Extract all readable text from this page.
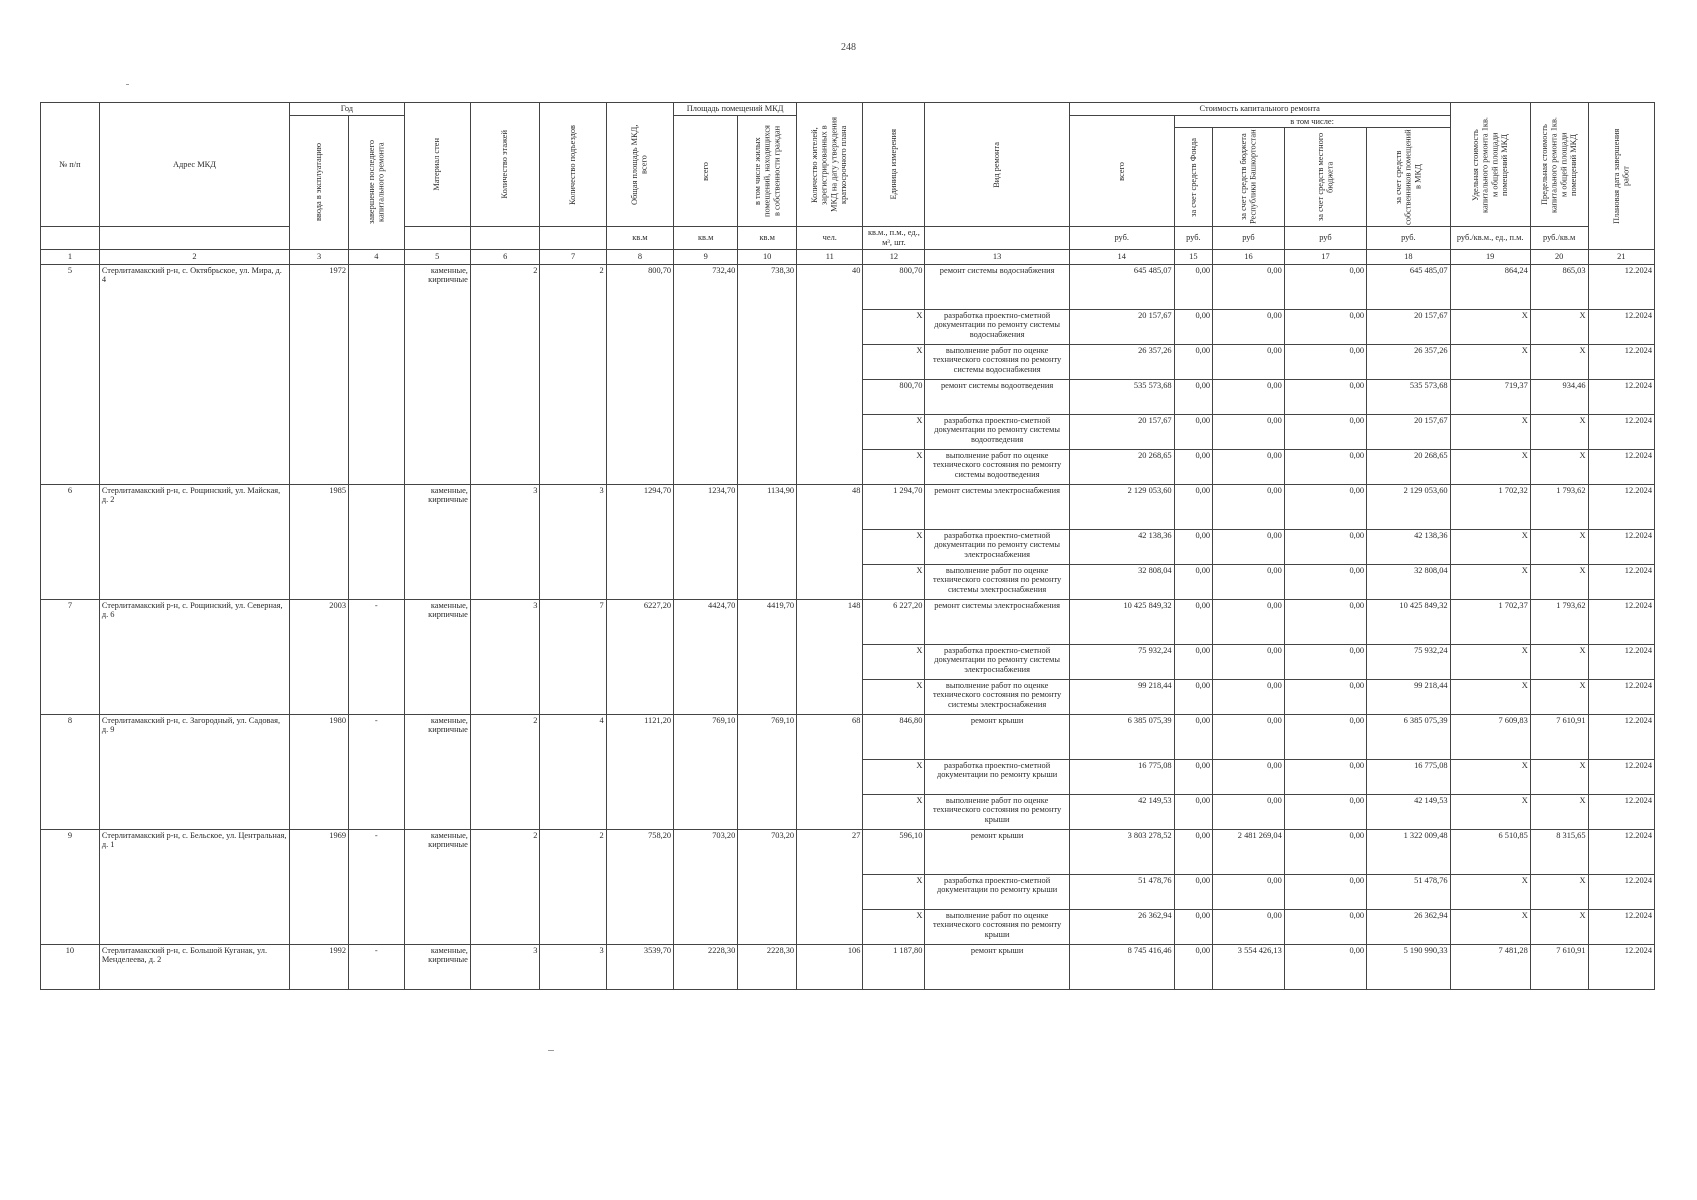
248
№ п/п	Адрес МКД	Год		Материал стен	Количество этажей	Количество подъездов	Общая площадь МКД, всего	Площадь помещений МКД		Количество жителей, зарегистрированных в МКД на дату утверждения краткосрочного плана	Единица измерения	Вид ремонта	Стоимость капитального ремонта					Удельная стоимость капитального ремонта 1кв. м общей площади помещений МКД	Предельная стоимость капитального ремонта 1кв. м общей площади помещений МКД	Плановая дата завершения работ

		ввода в эксплуатацию	завершение последнего капитального ремонта					всего	в том числе жилых помещений, находящихся в собственности граждан				всего	в том числе:						

														за счет средств Фонда	за счет средств бюджета Республики Башкортостан	за счет средств местного бюджета	за счет средств собственников помещений в МКД			

							кв.м	кв.м	кв.м	чел.	кв.м., п.м., ед., м³, шт.		руб.	руб.	руб	руб	руб.	руб./кв.м., ед., п.м.	руб./кв.м	
1	2	3	4	5	6	7	8	9	10	11	12	13	14	15	16	17	18	19	20	21
5	Стерлитамакский р-н, с. Октябрьское, ул. Мира, д. 4	1972		каменные, кирпичные	2	2	800,70	732,40	738,30	40	800,70	ремонт системы водоснабжения	645 485,07	0,00	0,00	0,00	645 485,07	864,24	865,03	12.2024
											X	разработка проектно-сметной документации по ремонту системы водоснабжения	20 157,67	0,00	0,00	0,00	20 157,67	X	X	12.2024
											X	выполнение работ по оценке технического состояния по ремонту системы водоснабжения	26 357,26	0,00	0,00	0,00	26 357,26	X	X	12.2024
											800,70	ремонт системы водоотведения	535 573,68	0,00	0,00	0,00	535 573,68	719,37	934,46	12.2024
											X	разработка проектно-сметной документации по ремонту системы водоотведения	20 157,67	0,00	0,00	0,00	20 157,67	X	X	12.2024
											X	выполнение работ по оценке технического состояния по ремонту системы водоотведения	20 268,65	0,00	0,00	0,00	20 268,65	X	X	12.2024
6	Стерлитамакский р-н, с. Рощинский, ул. Майская, д. 2	1985		каменные, кирпичные	3	3	1294,70	1234,70	1134,90	48	1 294,70	ремонт системы электроснабжения	2 129 053,60	0,00	0,00	0,00	2 129 053,60	1 702,32	1 793,62	12.2024
											X	разработка проектно-сметной документации по ремонту системы электроснабжения	42 138,36	0,00	0,00	0,00	42 138,36	X	X	12.2024
											X	выполнение работ по оценке технического состояния по ремонту системы электроснабжения	32 808,04	0,00	0,00	0,00	32 808,04	X	X	12.2024
7	Стерлитамакский р-н, с. Рощинский, ул. Северная, д. 6	2003	-	каменные, кирпичные	3	7	6227,20	4424,70	4419,70	148	6 227,20	ремонт системы электроснабжения	10 425 849,32	0,00	0,00	0,00	10 425 849,32	1 702,37	1 793,62	12.2024
											X	разработка проектно-сметной документации по ремонту системы электроснабжения	75 932,24	0,00	0,00	0,00	75 932,24	X	X	12.2024
											X	выполнение работ по оценке технического состояния по ремонту системы электроснабжения	99 218,44	0,00	0,00	0,00	99 218,44	X	X	12.2024
8	Стерлитамакский р-н, с. Загородный, ул. Садовая, д. 9	1980	-	каменные, кирпичные	2	4	1121,20	769,10	769,10	68	846,80	ремонт крыши	6 385 075,39	0,00	0,00	0,00	6 385 075,39	7 609,83	7 610,91	12.2024
											X	разработка проектно-сметной документации по ремонту крыши	16 775,08	0,00	0,00	0,00	16 775,08	X	X	12.2024
											X	выполнение работ по оценке технического состояния по ремонту крыши	42 149,53	0,00	0,00	0,00	42 149,53	X	X	12.2024
9	Стерлитамакский р-н, с. Бельское, ул. Центральная, д. 1	1969	-	каменные, кирпичные	2	2	758,20	703,20	703,20	27	596,10	ремонт крыши	3 803 278,52	0,00	2 481 269,04	0,00	1 322 009,48	6 510,85	8 315,65	12.2024
											X	разработка проектно-сметной документации по ремонту крыши	51 478,76	0,00	0,00	0,00	51 478,76	X	X	12.2024
											X	выполнение работ по оценке технического состояния по ремонту крыши	26 362,94	0,00	0,00	0,00	26 362,94	X	X	12.2024
10	Стерлитамакский р-н, с. Большой Куганак, ул. Менделеева, д. 2	1992	-	каменные, кирпичные	3	3	3539,70	2228,30	2228,30	106	1 187,80	ремонт крыши	8 745 416,46	0,00	3 554 426,13	0,00	5 190 990,33	7 481,28	7 610,91	12.2024
